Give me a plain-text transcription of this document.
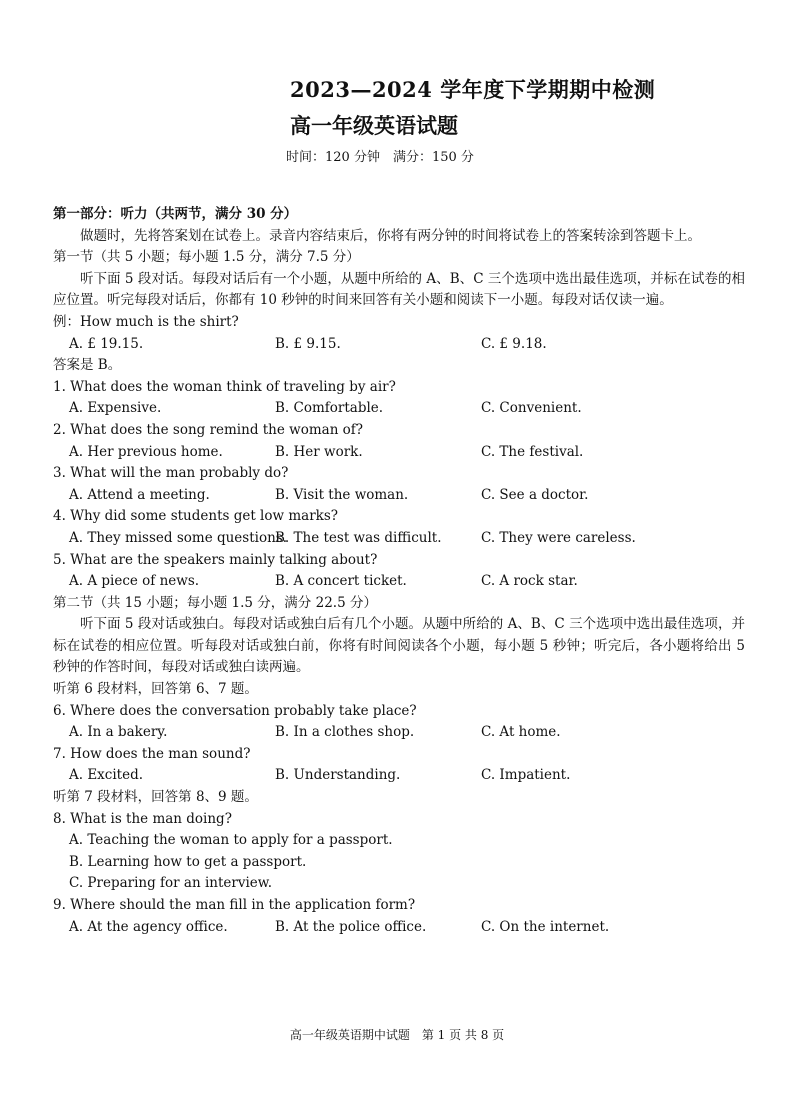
2023—2024 学年度下学期期中检测
高一年级英语试题
时间：120 分钟　满分：150 分
第一部分：听力（共两节，满分 30 分）
做题时，先将答案划在试卷上。录音内容结束后，你将有两分钟的时间将试卷上的答案转涂到答题卡上。
第一节（共 5 小题；每小题 1.5 分，满分 7.5 分）
听下面 5 段对话。每段对话后有一个小题，从题中所给的 A、B、C 三个选项中选出最佳选项，并标在试卷的相应位置。听完每段对话后，你都有 10 秒钟的时间来回答有关小题和阅读下一小题。每段对话仅读一遍。
例：How much is the shirt?
A. £ 19.15.	B. £ 9.15.	C. £ 9.18.
答案是 B。
1. What does the woman think of traveling by air?
A. Expensive.	B. Comfortable.	C. Convenient.
2. What does the song remind the woman of?
A. Her previous home.	B. Her work.	C. The festival.
3. What will the man probably do?
A. Attend a meeting.	B. Visit the woman.	C. See a doctor.
4. Why did some students get low marks?
A. They missed some questions.
B. The test was difficult.	C. They were careless.
5. What are the speakers mainly talking about?
A. A piece of news.	B. A concert ticket.	C. A rock star.
第二节（共 15 小题；每小题 1.5 分，满分 22.5 分）
听下面 5 段对话或独白。每段对话或独白后有几个小题。从题中所给的 A、B、C 三个选项中选出最佳选项，并标在试卷的相应位置。听每段对话或独白前，你将有时间阅读各个小题，每小题 5 秒钟；听完后，各小题将给出 5 秒钟的作答时间，每段对话或独白读两遍。
听第 6 段材料，回答第 6、7 题。
6. Where does the conversation probably take place?
A. In a bakery.	B. In a clothes shop.	C. At home.
7. How does the man sound?
A. Excited.	B. Understanding.	C. Impatient.
听第 7 段材料，回答第 8、9 题。
8. What is the man doing?
A. Teaching the woman to apply for a passport.
B. Learning how to get a passport.
C. Preparing for an interview.
9. Where should the man fill in the application form?
A. At the agency office.	B. At the police office.	C. On the internet.
高一年级英语期中试题　第 1 页 共 8 页
